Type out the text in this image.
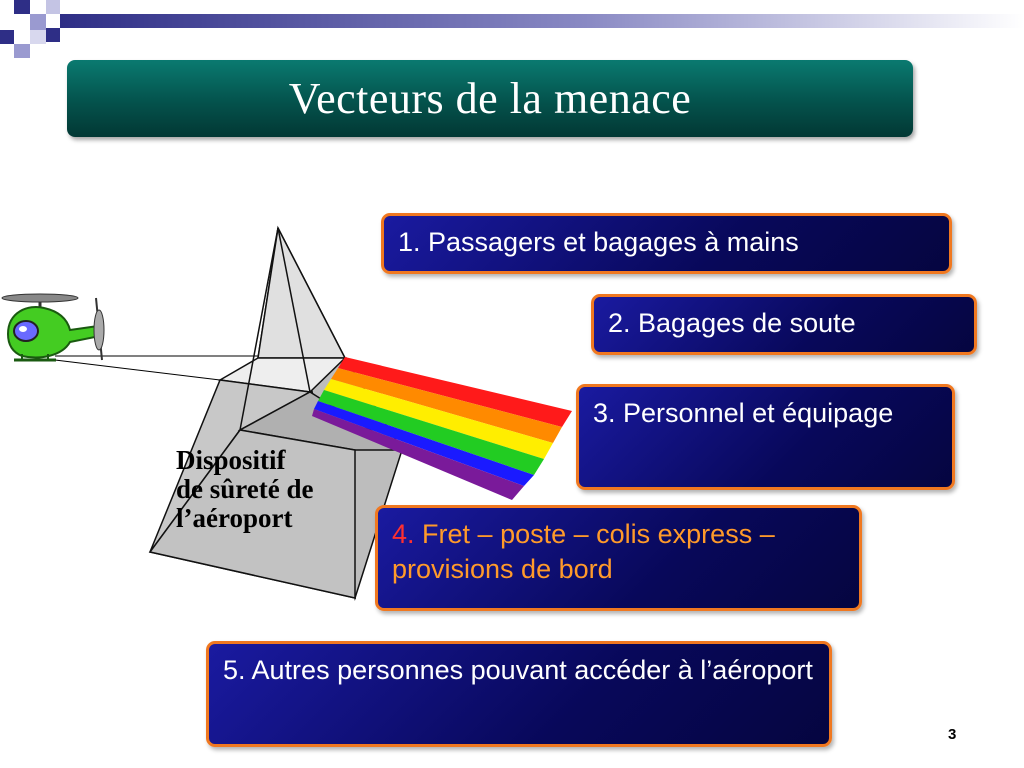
Vecteurs de la menace
Dispositif
de sûreté de
l’aéroport
1. Passagers et bagages à mains
2. Bagages de soute
3. Personnel et équipage
4. Fret – poste – colis express – provisions de bord
5. Autres personnes pouvant accéder à l’aéroport
3
